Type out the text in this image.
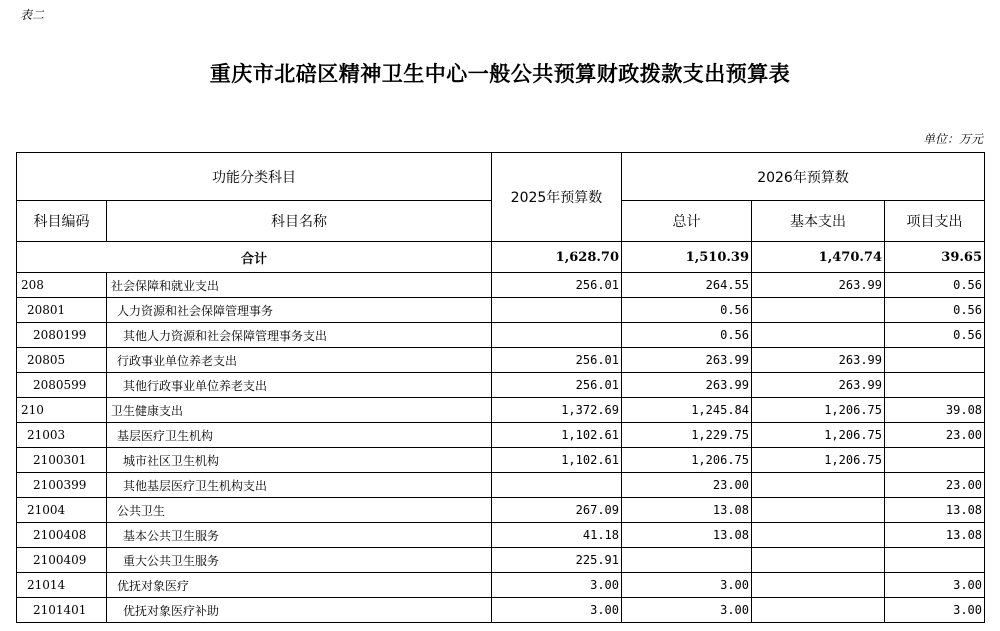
表二
重庆市北碚区精神卫生中心一般公共预算财政拨款支出预算表
单位：万元
功能分类科目		2025年预算数	2026年预算数		
科目编码	科目名称		总计	基本支出	项目支出
合计		1,628.70	1,510.39	1,470.74	39.65
208	社会保障和就业支出	256.01	264.55	263.99	0.56
20801	人力资源和社会保障管理事务		0.56		0.56
2080199	其他人力资源和社会保障管理事务支出		0.56		0.56
20805	行政事业单位养老支出	256.01	263.99	263.99	
2080599	其他行政事业单位养老支出	256.01	263.99	263.99	
210	卫生健康支出	1,372.69	1,245.84	1,206.75	39.08
21003	基层医疗卫生机构	1,102.61	1,229.75	1,206.75	23.00
2100301	城市社区卫生机构	1,102.61	1,206.75	1,206.75	
2100399	其他基层医疗卫生机构支出		23.00		23.00
21004	公共卫生	267.09	13.08		13.08
2100408	基本公共卫生服务	41.18	13.08		13.08
2100409	重大公共卫生服务	225.91			
21014	优抚对象医疗	3.00	3.00		3.00
2101401	优抚对象医疗补助	3.00	3.00		3.00
